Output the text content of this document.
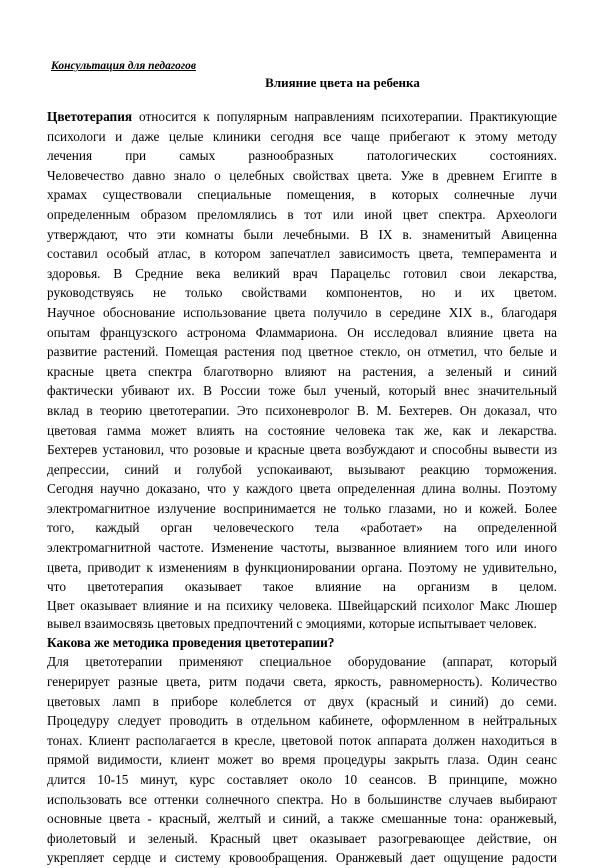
Консультация для педагогов
Влияние цвета на ребенка
Цветотерапия относится к популярным направлениям психотерапии. Практикующие
психологи и даже целые клиники сегодня все чаще прибегают к этому методу
лечения при самых разнообразных патологических состояниях.
Человечество давно знало о целебных свойствах цвета. Уже в древнем Египте в
храмах существовали специальные помещения, в которых солнечные лучи
определенным образом преломлялись в тот или иной цвет спектра. Археологи
утверждают, что эти комнаты были лечебными. В IX в. знаменитый Авиценна
составил особый атлас, в котором запечатлел зависимость цвета, темперамента и
здоровья. В Средние века великий врач Парацельс готовил свои лекарства,
руководствуясь не только свойствами компонентов, но и их цветом.
Научное обоснование использование цвета получило в середине XIX в., благодаря
опытам французского астронома Фламмариона. Он исследовал влияние цвета на
развитие растений. Помещая растения под цветное стекло, он отметил, что белые и
красные цвета спектра благотворно влияют на растения, а зеленый и синий
фактически убивают их. В России тоже был ученый, который внес значительный
вклад в теорию цветотерапии. Это психоневролог В. М. Бехтерев. Он доказал, что
цветовая гамма может влиять на состояние человека так же, как и лекарства.
Бехтерев установил, что розовые и красные цвета возбуждают и способны вывести из
депрессии, синий и голубой успокаивают, вызывают реакцию торможения.
Сегодня научно доказано, что у каждого цвета определенная длина волны. Поэтому
электромагнитное излучение воспринимается не только глазами, но и кожей. Более
того, каждый орган человеческого тела «работает» на определенной
электромагнитной частоте. Изменение частоты, вызванное влиянием того или иного
цвета, приводит к изменениям в функционировании органа. Поэтому не удивительно,
что цветотерапия оказывает такое влияние на организм в целом.
Цвет оказывает влияние и на психику человека. Швейцарский психолог Макс Люшер
вывел взаимосвязь цветовых предпочтений с эмоциями, которые испытывает человек.
Какова же методика проведения цветотерапии?
Для цветотерапии применяют специальное оборудование (аппарат, который
генерирует разные цвета, ритм подачи света, яркость, равномерность). Количество
цветовых ламп в приборе колеблется от двух (красный и синий) до семи.
Процедуру следует проводить в отдельном кабинете, оформленном в нейтральных
тонах. Клиент располагается в кресле, цветовой поток аппарата должен находиться в
прямой видимости, клиент может во время процедуры закрыть глаза. Один сеанс
длится 10-15 минут, курс составляет около 10 сеансов. В принципе, можно
использовать все оттенки солнечного спектра. Но в большинстве случаев выбирают
основные цвета - красный, желтый и синий, а также смешанные тона: оранжевый,
фиолетовый и зеленый. Красный цвет оказывает разогревающее действие, он
укрепляет сердце и систему кровообращения. Оранжевый дает ощущение радости
